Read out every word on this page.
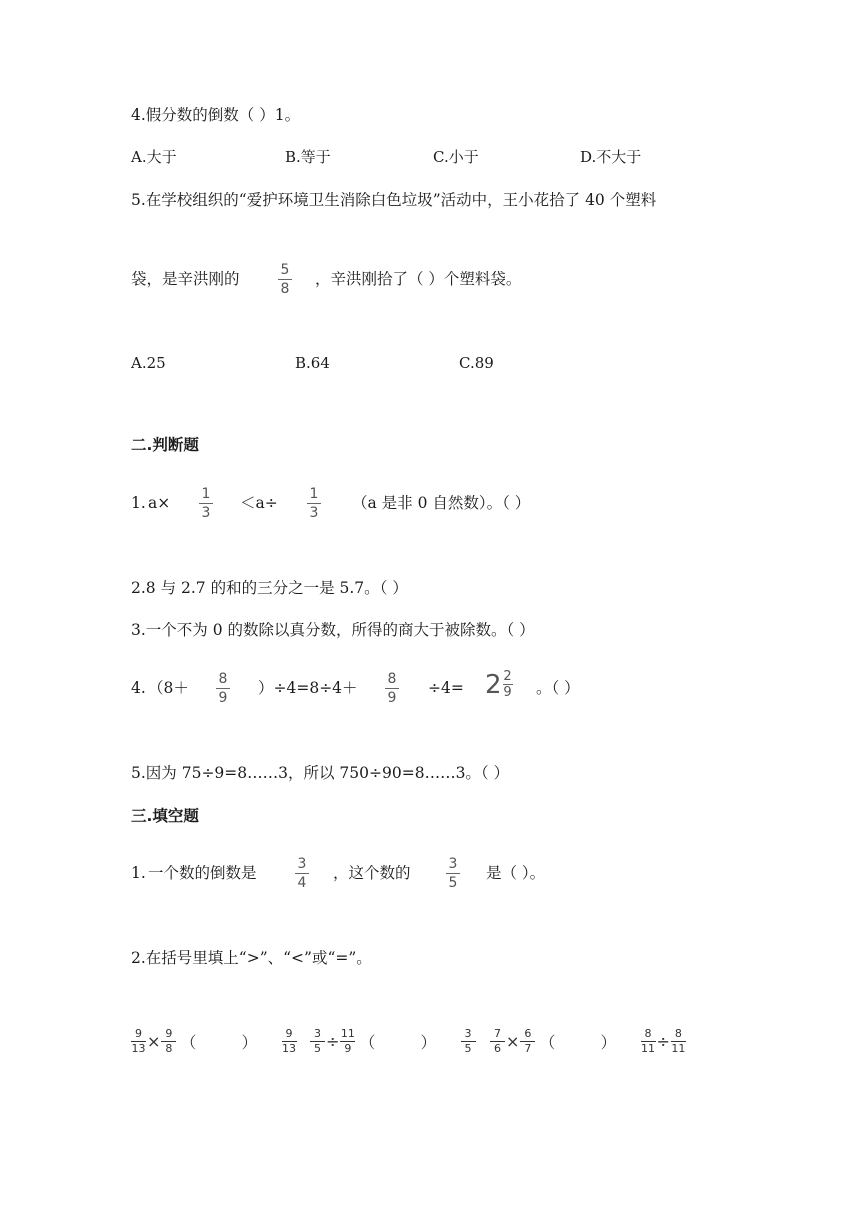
4.假分数的倒数（ ）1。
A.大于	B.等于	C.小于	D.不大于
5.在学校组织的“爱护环境卫生消除白色垃圾”活动中，王小花拾了 40 个塑料
袋，是辛洪刚的	5
8
，辛洪刚拾了（ ）个塑料袋。
A.25	B.64	C.89
二.判断题
1. a× 1
3
＜a÷ 1
3
（a 是非 0 自然数）。（ ）
2.8 与 2.7 的和的三分之一是 5.7。（ ）
3.一个不为 0 的数除以真分数，所得的商大于被除数。（ ）
4. （8＋ 8
9
）÷4=8÷4＋ 8
9
÷4= 2 2
9 。（ ）
5.因为 75÷9=8……3，所以 750÷90=8……3。（ ）
三.填空题
1. 一个数的倒数是	3
4
，这个数的	3
5
是（ ）。
2.在括号里填上“>”、“<”或“=”。
9
13 × 9
8 （ ） 9
13
3
5 ÷ 11
9 （ ） 3
5
7
6 × 6
7 （ ） 8
11 ÷ 8
11
